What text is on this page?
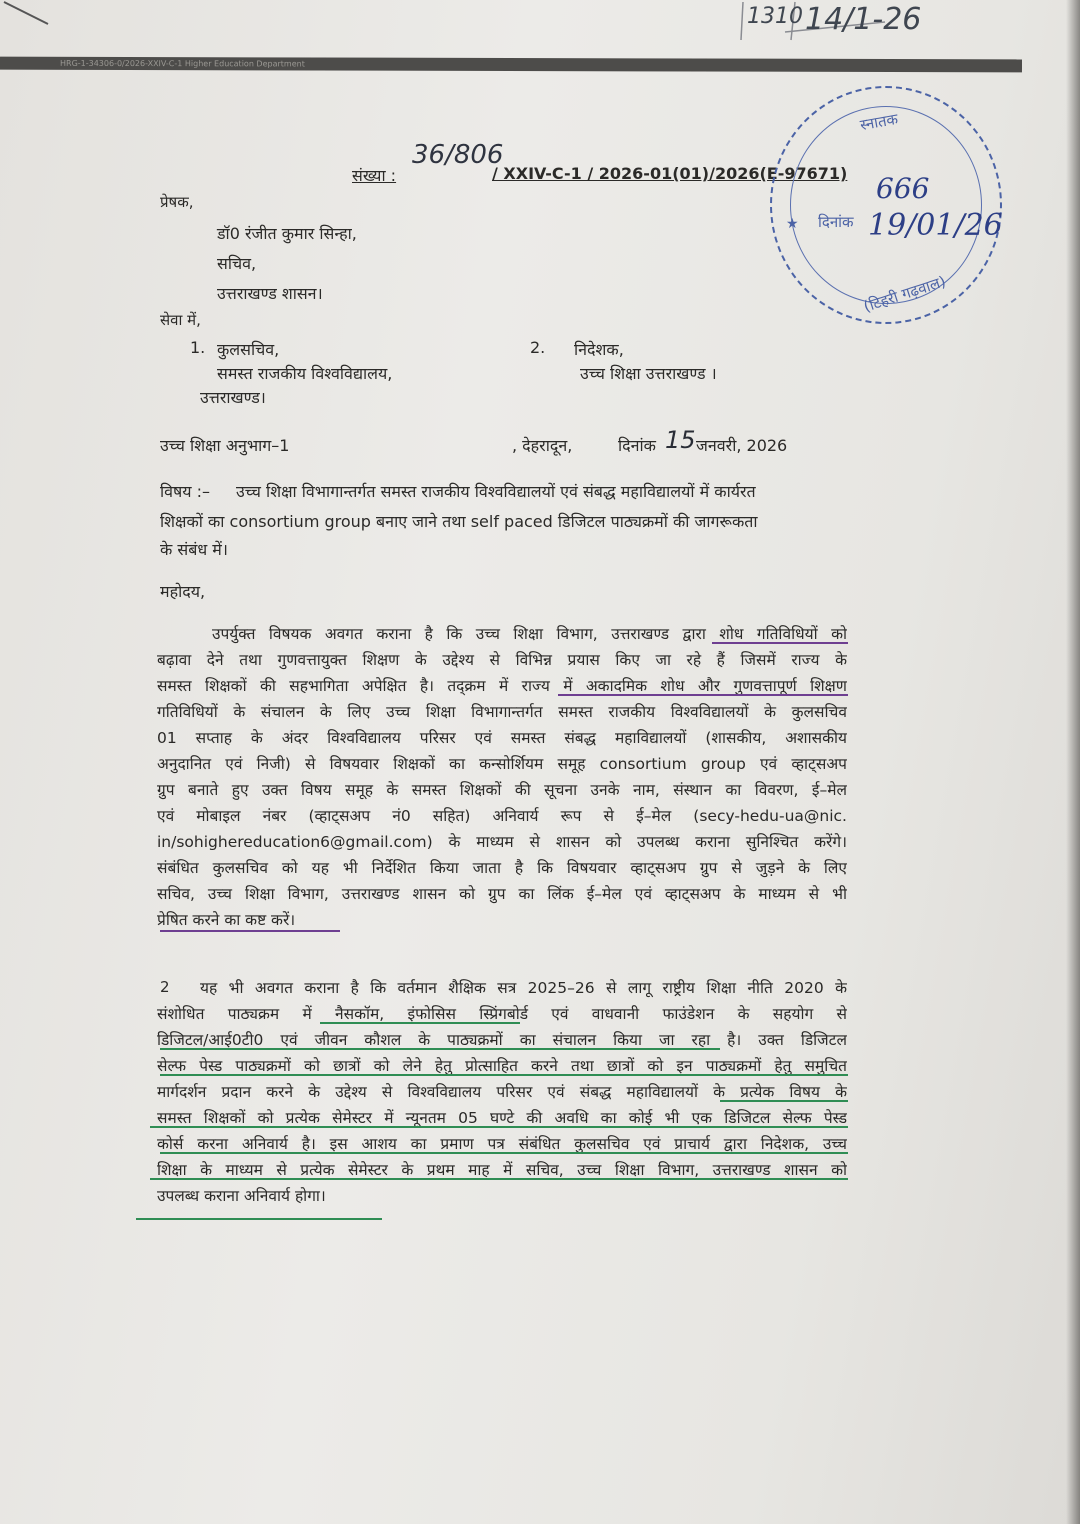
HRG-1-34306-0/2026-XXIV-C-1 Higher Education Department
1310 14/1-26
संख्या :
36/806
/ XXIV-C-1 / 2026-01(01)/2026(E-97671)
स्नातक
666
दिनांक 19/01/26
(टिहरी गढ़वाल)
★
प्रेषक,
डॉ0 रंजीत कुमार सिन्हा,
सचिव,
उत्तराखण्ड शासन।
सेवा में,
1. कुलसचिव,
समस्त राजकीय विश्वविद्यालय,
उत्तराखण्ड।
2. निदेशक,
उच्च शिक्षा उत्तराखण्ड ।
उच्च शिक्षा अनुभाग–1	, देहरादून,	दिनांक 15 जनवरी, 2026
विषय :– उच्च शिक्षा विभागान्तर्गत समस्त राजकीय विश्वविद्यालयों एवं संबद्ध महाविद्यालयों में कार्यरत
शिक्षकों का consortium group बनाए जाने तथा self paced डिजिटल पाठ्यक्रमों की जागरूकता
के संबंध में।
महोदय,
उपर्युक्त विषयक अवगत कराना है कि उच्च शिक्षा विभाग, उत्तराखण्ड द्वारा शोध गतिविधियों को
बढ़ावा देने तथा गुणवत्तायुक्त शिक्षण के उद्देश्य से विभिन्न प्रयास किए जा रहे हैं जिसमें राज्य के
समस्त शिक्षकों की सहभागिता अपेक्षित है। तद्क्रम में राज्य में अकादमिक शोध और गुणवत्तापूर्ण शिक्षण
गतिविधियों के संचालन के लिए उच्च शिक्षा विभागान्तर्गत समस्त राजकीय विश्वविद्यालयों के कुलसचिव
01 सप्ताह के अंदर विश्वविद्यालय परिसर एवं समस्त संबद्ध महाविद्यालयों (शासकीय, अशासकीय
अनुदानित एवं निजी) से विषयवार शिक्षकों का कन्सोर्शियम समूह consortium group एवं व्हाट्सअप
ग्रुप बनाते हुए उक्त विषय समूह के समस्त शिक्षकों की सूचना उनके नाम, संस्थान का विवरण, ई–मेल
एवं मोबाइल नंबर (व्हाट्सअप नं0 सहित) अनिवार्य रूप से ई–मेल (secy-hedu-ua@nic.
in/sohighereducation6@gmail.com) के माध्यम से शासन को उपलब्ध कराना सुनिश्चित करेंगे।
संबंधित कुलसचिव को यह भी निर्देशित किया जाता है कि विषयवार व्हाट्सअप ग्रुप से जुड़ने के लिए
सचिव, उच्च शिक्षा विभाग, उत्तराखण्ड शासन को ग्रुप का लिंक ई–मेल एवं व्हाट्सअप के माध्यम से भी
प्रेषित करने का कष्ट करें।
2 यह भी अवगत कराना है कि वर्तमान शैक्षिक सत्र 2025–26 से लागू राष्ट्रीय शिक्षा नीति 2020 के
संशोधित पाठ्यक्रम में नैसकॉम, इंफोसिस स्प्रिंगबोर्ड एवं वाधवानी फाउंडेशन के सहयोग से
डिजिटल/आई0टी0 एवं जीवन कौशल के पाठ्यक्रमों का संचालन किया जा रहा है। उक्त डिजिटल
सेल्फ पेस्ड पाठ्यक्रमों को छात्रों को लेने हेतु प्रोत्साहित करने तथा छात्रों को इन पाठ्यक्रमों हेतु समुचित
मार्गदर्शन प्रदान करने के उद्देश्य से विश्वविद्यालय परिसर एवं संबद्ध महाविद्यालयों के प्रत्येक विषय के
समस्त शिक्षकों को प्रत्येक सेमेस्टर में न्यूनतम 05 घण्टे की अवधि का कोई भी एक डिजिटल सेल्फ पेस्ड
कोर्स करना अनिवार्य है। इस आशय का प्रमाण पत्र संबंधित कुलसचिव एवं प्राचार्य द्वारा निदेशक, उच्च
शिक्षा के माध्यम से प्रत्येक सेमेस्टर के प्रथम माह में सचिव, उच्च शिक्षा विभाग, उत्तराखण्ड शासन को
उपलब्ध कराना अनिवार्य होगा।
